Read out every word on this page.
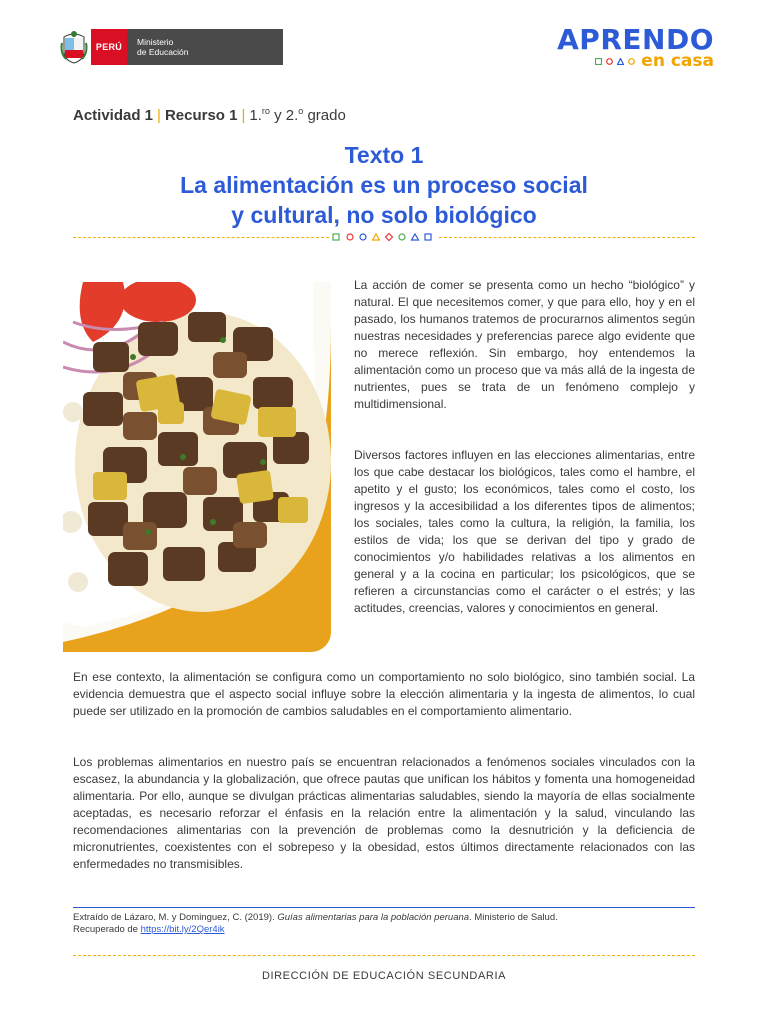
PERÚ	Ministerio
de Educación	APRENDO
en casa
Actividad 1 | Recurso 1 | 1.$^{ro}$ y 2.$^o$ grado
Texto 1
La alimentación es un proceso social
y cultural, no solo biológico

La acción de comer se presenta como un hecho “biológico” y natural. El que necesitemos comer, y que para ello, hoy y en el pasado, los humanos tratemos de procurarnos alimentos según nuestras necesidades y preferencias parece algo evidente que no merece reflexión. Sin embargo, hoy entendemos la alimentación como un proceso que va más allá de la ingesta de nutrientes, pues se trata de un fenómeno complejo y multidimensional.

Diversos factores influyen en las elecciones alimentarias, entre los que cabe destacar los biológicos, tales como el hambre, el apetito y el gusto; los económicos, tales como el costo, los ingresos y la accesibilidad a los diferentes tipos de alimentos; los sociales, tales como la cultura, la religión, la familia, los estilos de vida; los que se derivan del tipo y grado de conocimientos y/o habilidades relativas a los alimentos en general y a la cocina en particular; los psicológicos, que se refieren a circunstancias como el carácter o el estrés; y las actitudes, creencias, valores y conocimientos en general.

En ese contexto, la alimentación se configura como un comportamiento no solo biológico, sino también social. La evidencia demuestra que el aspecto social influye sobre la elección alimentaria y la ingesta de alimentos, lo cual puede ser utilizado en la promoción de cambios saludables en el comportamiento alimentario.

Los problemas alimentarios en nuestro país se encuentran relacionados a fenómenos sociales vinculados con la escasez, la abundancia y la globalización, que ofrece pautas que unifican los hábitos y fomenta una homogeneidad alimentaria. Por ello, aunque se divulgan prácticas alimentarias saludables, siendo la mayoría de ellas socialmente aceptadas, es necesario reforzar el énfasis en la relación entre la alimentación y la salud, vinculando las recomendaciones alimentarias con la prevención de problemas como la desnutrición y la deficiencia de micronutrientes, coexistentes con el sobrepeso y la obesidad, estos últimos directamente relacionados con las enfermedades no transmisibles.

Extraído de Lázaro, M. y Dominguez, C. (2019). Guías alimentarias para la población peruana. Ministerio de Salud.
Recuperado de https://bit.ly/2Qer4ik
DIRECCIÓN DE EDUCACIÓN SECUNDARIA
